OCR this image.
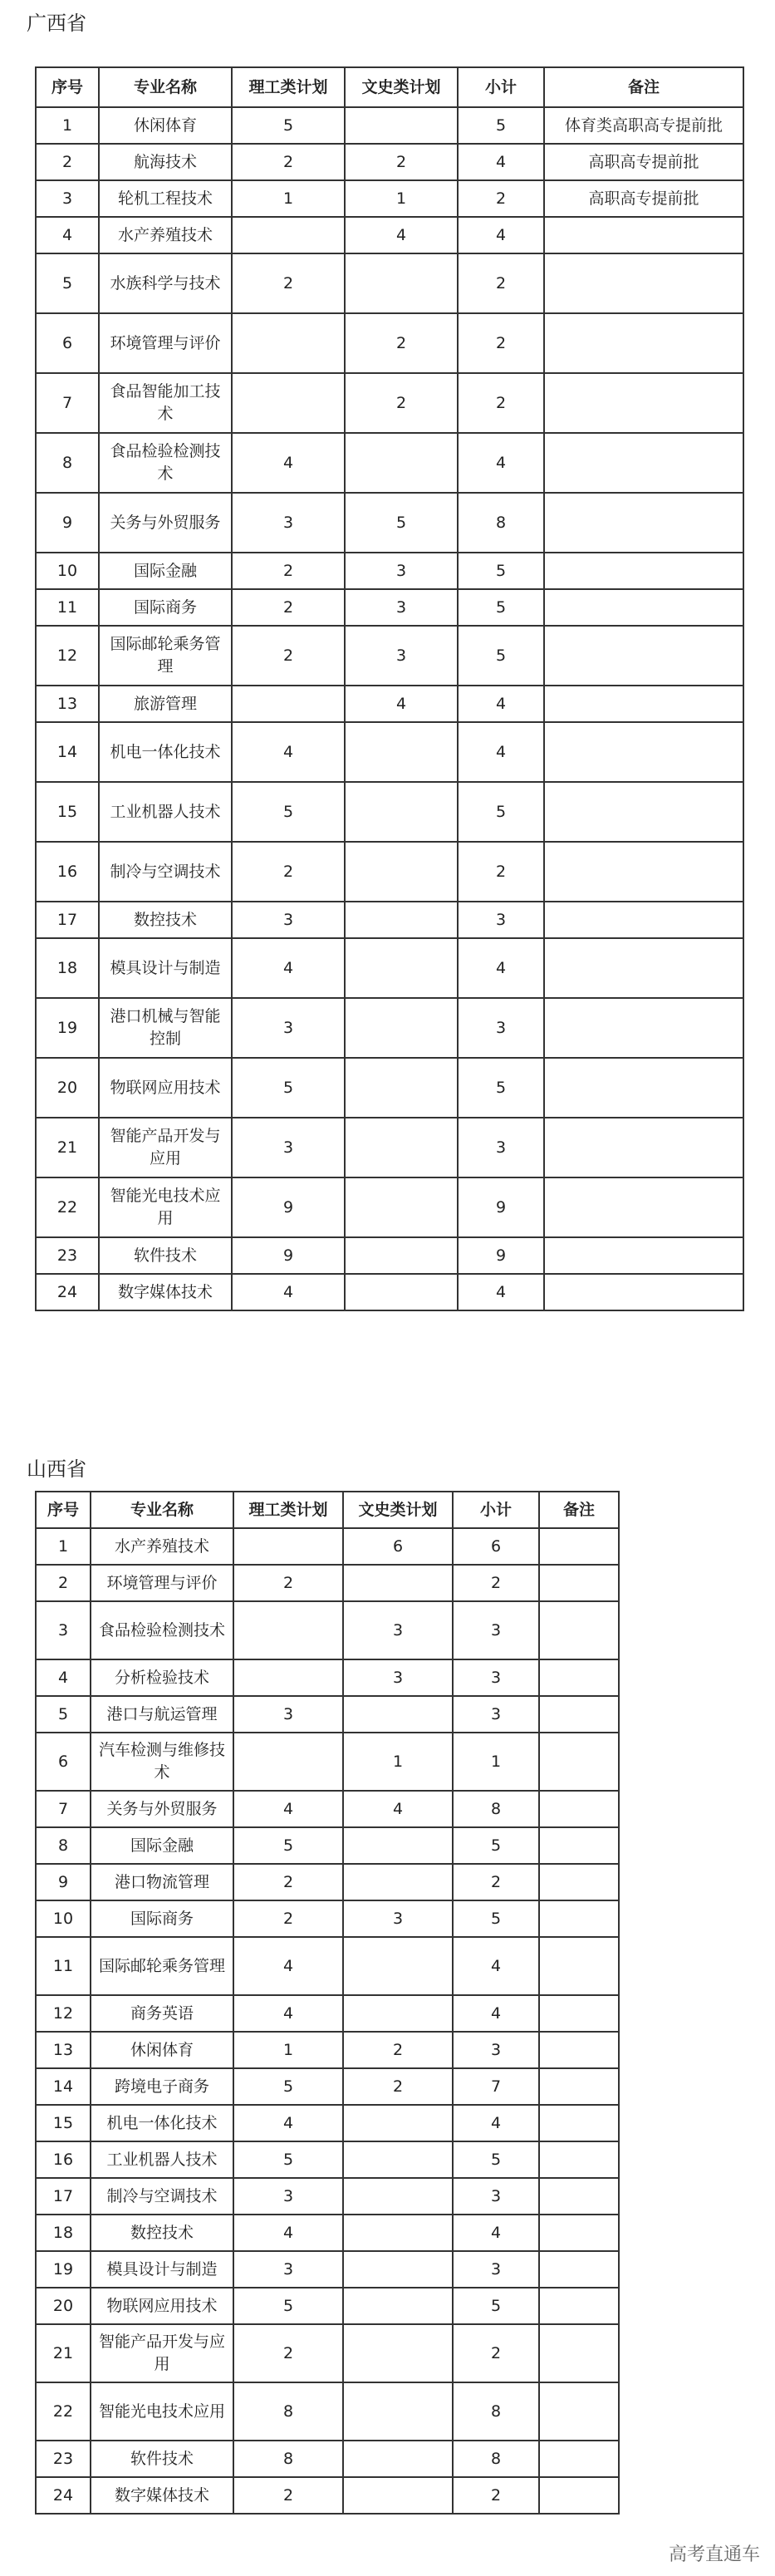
广西省
序号	专业名称	理工类计划	文史类计划	小计	备注
1	休闲体育	5		5	体育类高职高专提前批
2	航海技术	2	2	4	高职高专提前批
3	轮机工程技术	1	1	2	高职高专提前批
4	水产养殖技术		4	4	
5	水族科学与技术	2		2	
6	环境管理与评价		2	2	
7	食品智能加工技术		2	2	
8	食品检验检测技术	4		4	
9	关务与外贸服务	3	5	8	
10	国际金融	2	3	5	
11	国际商务	2	3	5	
12	国际邮轮乘务管理	2	3	5	
13	旅游管理		4	4	
14	机电一体化技术	4		4	
15	工业机器人技术	5		5	
16	制冷与空调技术	2		2	
17	数控技术	3		3	
18	模具设计与制造	4		4	
19	港口机械与智能控制	3		3	
20	物联网应用技术	5		5	
21	智能产品开发与应用	3		3	
22	智能光电技术应用	9		9	
23	软件技术	9		9	
24	数字媒体技术	4		4	
山西省
序号	专业名称	理工类计划	文史类计划	小计	备注
1	水产养殖技术		6	6	
2	环境管理与评价	2		2	
3	食品检验检测技术		3	3	
4	分析检验技术		3	3	
5	港口与航运管理	3		3	
6	汽车检测与维修技术		1	1	
7	关务与外贸服务	4	4	8	
8	国际金融	5		5	
9	港口物流管理	2		2	
10	国际商务	2	3	5	
11	国际邮轮乘务管理	4		4	
12	商务英语	4		4	
13	休闲体育	1	2	3	
14	跨境电子商务	5	2	7	
15	机电一体化技术	4		4	
16	工业机器人技术	5		5	
17	制冷与空调技术	3		3	
18	数控技术	4		4	
19	模具设计与制造	3		3	
20	物联网应用技术	5		5	
21	智能产品开发与应用	2		2	
22	智能光电技术应用	8		8	
23	软件技术	8		8	
24	数字媒体技术	2		2	
高考直通车
